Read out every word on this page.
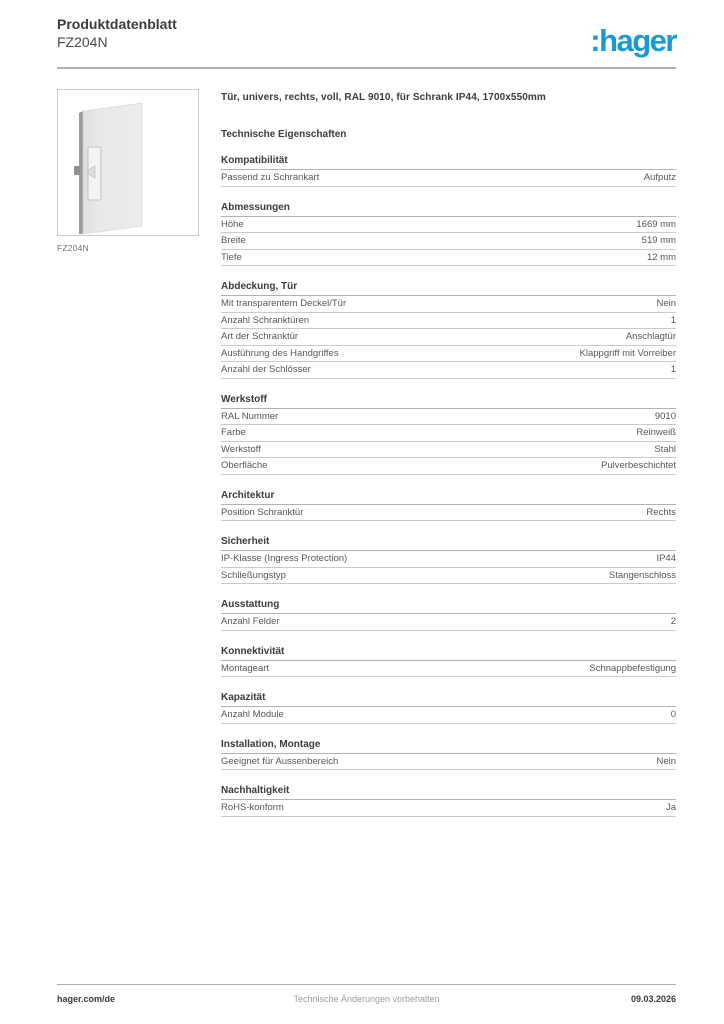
Produktdatenblatt
FZ204N	:hager
FZ204N
Tür, univers, rechts, voll, RAL 9010, für Schrank IP44, 1700x550mm
Technische Eigenschaften
Kompatibilität
Passend zu Schrankart	Aufputz
Abmessungen
Höhe	1669 mm
Breite	519 mm
Tiefe	12 mm
Abdeckung, Tür
Mit transparentem Deckel/Tür	Nein
Anzahl Schranktüren	1
Art der Schranktür	Anschlagtür
Ausführung des Handgriffes	Klappgriff mit Vorreiber
Anzahl der Schlösser	1
Werkstoff
RAL Nummer	9010
Farbe	Reinweiß
Werkstoff	Stahl
Oberfläche	Pulverbeschichtet
Architektur
Position Schranktür	Rechts
Sicherheit
IP-Klasse (Ingress Protection)	IP44
Schließungstyp	Stangenschloss
Ausstattung
Anzahl Felder	2
Konnektivität
Montageart	Schnappbefestigung
Kapazität
Anzahl Module	0
Installation, Montage
Geeignet für Aussenbereich	Nein
Nachhaltigkeit
RoHS-konform	Ja
Technische Änderungen vorbehalten
hager.com/de	09.03.2026
